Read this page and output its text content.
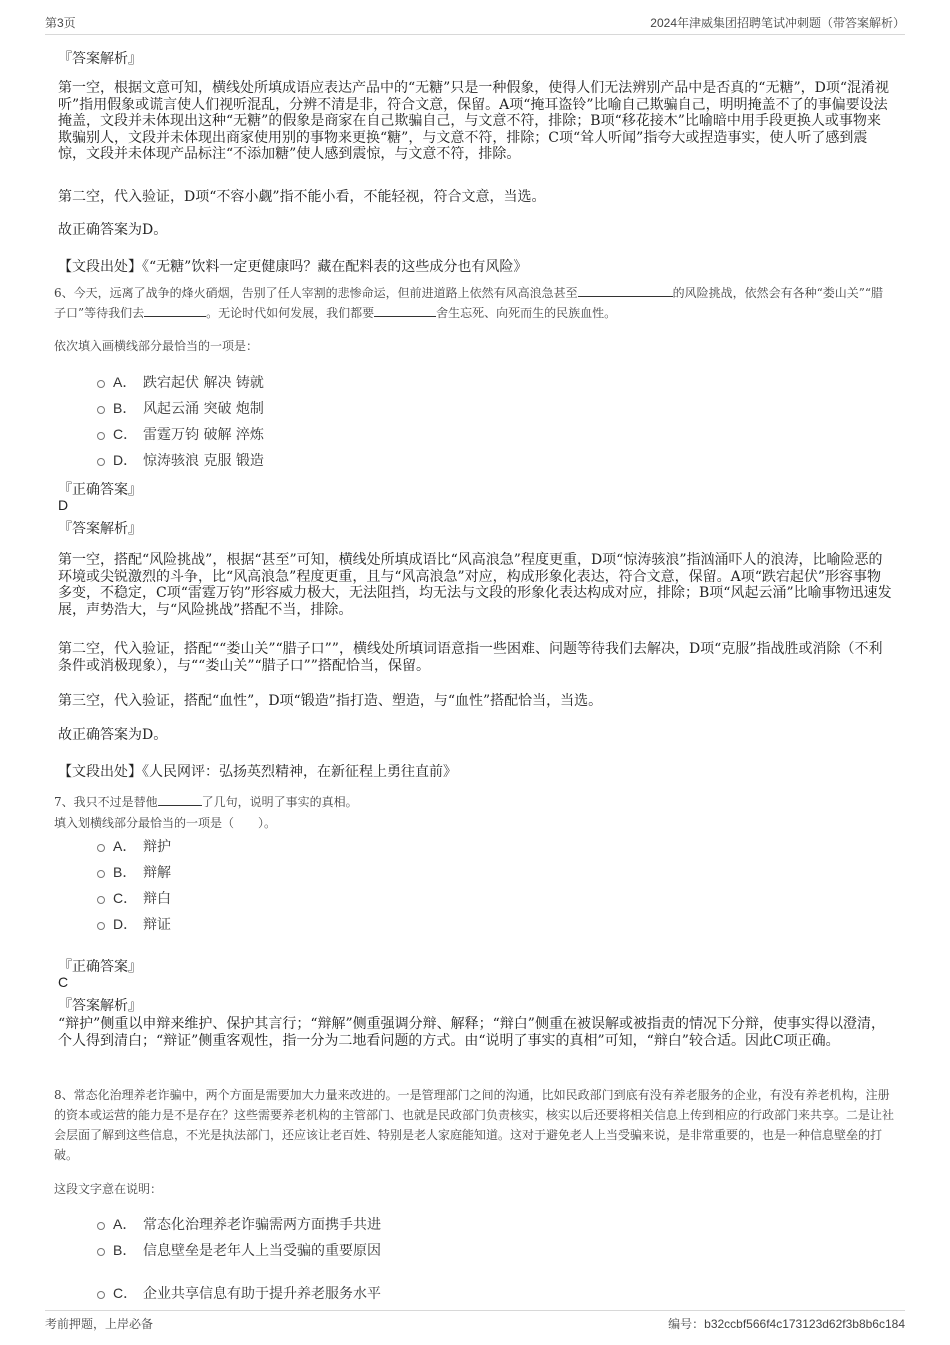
第3页	2024年津威集团招聘笔试冲刺题（带答案解析）
『答案解析』
第一空，根据文意可知，横线处所填成语应表达产品中的“无糖”只是一种假象，使得人们无法辨别产品中是否真的“无糖”，D项“混淆视听”指用假象或谎言使人们视听混乱，分辨不清是非，符合文意，保留。A项“掩耳盗铃”比喻自己欺骗自己，明明掩盖不了的事偏要设法掩盖，文段并未体现出这种“无糖”的假象是商家在自己欺骗自己，与文意不符，排除；B项“移花接木”比喻暗中用手段更换人或事物来欺骗别人，文段并未体现出商家使用别的事物来更换“糖”，与文意不符，排除；C项“耸人听闻”指夸大或捏造事实，使人听了感到震惊，文段并未体现产品标注“不添加糖”使人感到震惊，与文意不符，排除。
第二空，代入验证，D项“不容小觑”指不能小看，不能轻视，符合文意，当选。
故正确答案为D。
【文段出处】《“无糖”饮料一定更健康吗？藏在配料表的这些成分也有风险》
6、今天，远离了战争的烽火硝烟，告别了任人宰割的悲惨命运，但前进道路上依然有风高浪急甚至	的风险挑战，依然会有各种“娄山关”“腊子口”等待我们去	。无论时代如何发展，我们都要	舍生忘死、向死而生的民族血性。
依次填入画横线部分最恰当的一项是：
A． 跌宕起伏 解决 铸就
B． 风起云涌 突破 炮制
C． 雷霆万钧 破解 淬炼
D． 惊涛骇浪 克服 锻造
『正确答案』
D
『答案解析』
第一空，搭配“风险挑战”，根据“甚至”可知，横线处所填成语比“风高浪急”程度更重，D项“惊涛骇浪”指汹涌吓人的浪涛，比喻险恶的环境或尖锐激烈的斗争，比“风高浪急”程度更重，且与“风高浪急”对应，构成形象化表达，符合文意，保留。A项“跌宕起伏”形容事物多变，不稳定，C项“雷霆万钧”形容威力极大，无法阻挡，均无法与文段的形象化表达构成对应，排除；B项“风起云涌”比喻事物迅速发展，声势浩大，与“风险挑战”搭配不当，排除。
第二空，代入验证，搭配““娄山关”“腊子口””，横线处所填词语意指一些困难、问题等待我们去解决，D项“克服”指战胜或消除（不利条件或消极现象），与““娄山关”“腊子口””搭配恰当，保留。
第三空，代入验证，搭配“血性”，D项“锻造”指打造、塑造，与“血性”搭配恰当，当选。
故正确答案为D。
【文段出处】《人民网评：弘扬英烈精神，在新征程上勇往直前》
7、我只不过是替他	了几句，说明了事实的真相。
填入划横线部分最恰当的一项是（　　）。
A． 辩护
B． 辩解
C． 辩白
D． 辩证
『正确答案』
C
『答案解析』
“辩护”侧重以申辩来维护、保护其言行；“辩解”侧重强调分辩、解释；“辩白”侧重在被误解或被指责的情况下分辩，使事实得以澄清，个人得到清白；“辩证”侧重客观性，指一分为二地看问题的方式。由“说明了事实的真相”可知，“辩白”较合适。因此C项正确。
8、常态化治理养老诈骗中，两个方面是需要加大力量来改进的。一是管理部门之间的沟通，比如民政部门到底有没有养老服务的企业，有没有养老机构，注册的资本或运营的能力是不是存在？这些需要养老机构的主管部门、也就是民政部门负责核实，核实以后还要将相关信息上传到相应的行政部门来共享。二是让社会层面了解到这些信息，不光是执法部门，还应该让老百姓、特别是老人家庭能知道。这对于避免老人上当受骗来说，是非常重要的，也是一种信息壁垒的打破。
这段文字意在说明：
A． 常态化治理养老诈骗需两方面携手共进
B． 信息壁垒是老年人上当受骗的重要原因
C． 企业共享信息有助于提升养老服务水平
考前押题，上岸必备	编号：b32ccbf566f4c173123d62f3b8b6c184
